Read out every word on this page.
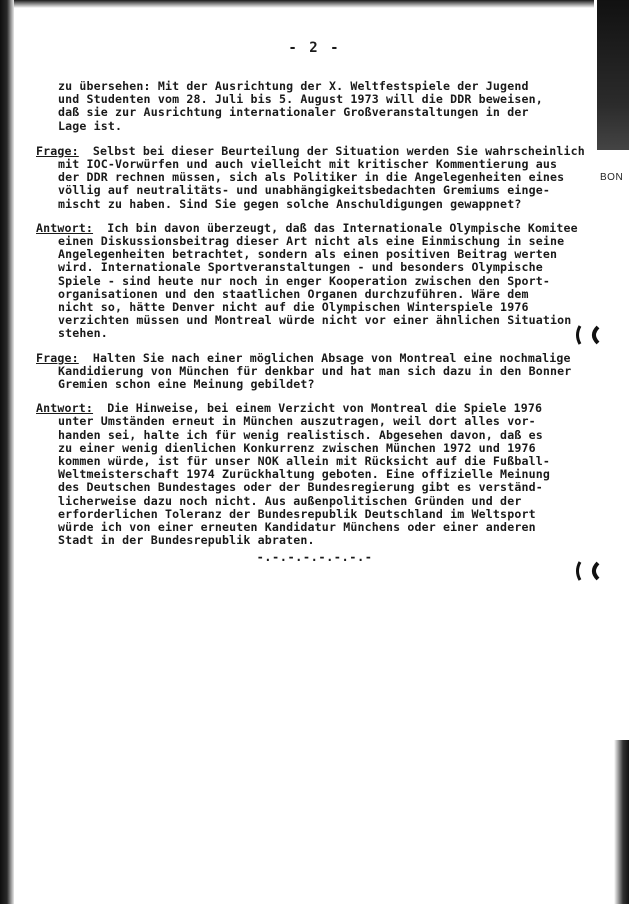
BON
- 2 -
zu übersehen: Mit der Ausrichtung der X. Weltfestspiele der Jugend
und Studenten vom 28. Juli bis 5. August 1973 will die DDR beweisen,
daß sie zur Ausrichtung internationaler Großveranstaltungen in der
Lage ist.
Frage: Selbst bei dieser Beurteilung der Situation werden Sie wahrscheinlich
mit IOC-Vorwürfen und auch vielleicht mit kritischer Kommentierung aus
der DDR rechnen müssen, sich als Politiker in die Angelegenheiten eines
völlig auf neutralitäts- und unabhängigkeitsbedachten Gremiums einge-
mischt zu haben. Sind Sie gegen solche Anschuldigungen gewappnet?
Antwort: Ich bin davon überzeugt, daß das Internationale Olympische Komitee
einen Diskussionsbeitrag dieser Art nicht als eine Einmischung in seine
Angelegenheiten betrachtet, sondern als einen positiven Beitrag werten
wird. Internationale Sportveranstaltungen - und besonders Olympische
Spiele - sind heute nur noch in enger Kooperation zwischen den Sport-
organisationen und den staatlichen Organen durchzuführen. Wäre dem
nicht so, hätte Denver nicht auf die Olympischen Winterspiele 1976
verzichten müssen und Montreal würde nicht vor einer ähnlichen Situation
stehen.
Frage: Halten Sie nach einer möglichen Absage von Montreal eine nochmalige
Kandidierung von München für denkbar und hat man sich dazu in den Bonner
Gremien schon eine Meinung gebildet?
Antwort: Die Hinweise, bei einem Verzicht von Montreal die Spiele 1976
unter Umständen erneut in München auszutragen, weil dort alles vor-
handen sei, halte ich für wenig realistisch. Abgesehen davon, daß es
zu einer wenig dienlichen Konkurrenz zwischen München 1972 und 1976
kommen würde, ist für unser NOK allein mit Rücksicht auf die Fußball-
Weltmeisterschaft 1974 Zurückhaltung geboten. Eine offizielle Meinung
des Deutschen Bundestages oder der Bundesregierung gibt es verständ-
licherweise dazu noch nicht. Aus außenpolitischen Gründen und der
erforderlichen Toleranz der Bundesrepublik Deutschland im Weltsport
würde ich von einer erneuten Kandidatur Münchens oder einer anderen
Stadt in der Bundesrepublik abraten.
-.-.-.-.-.-.-.-
